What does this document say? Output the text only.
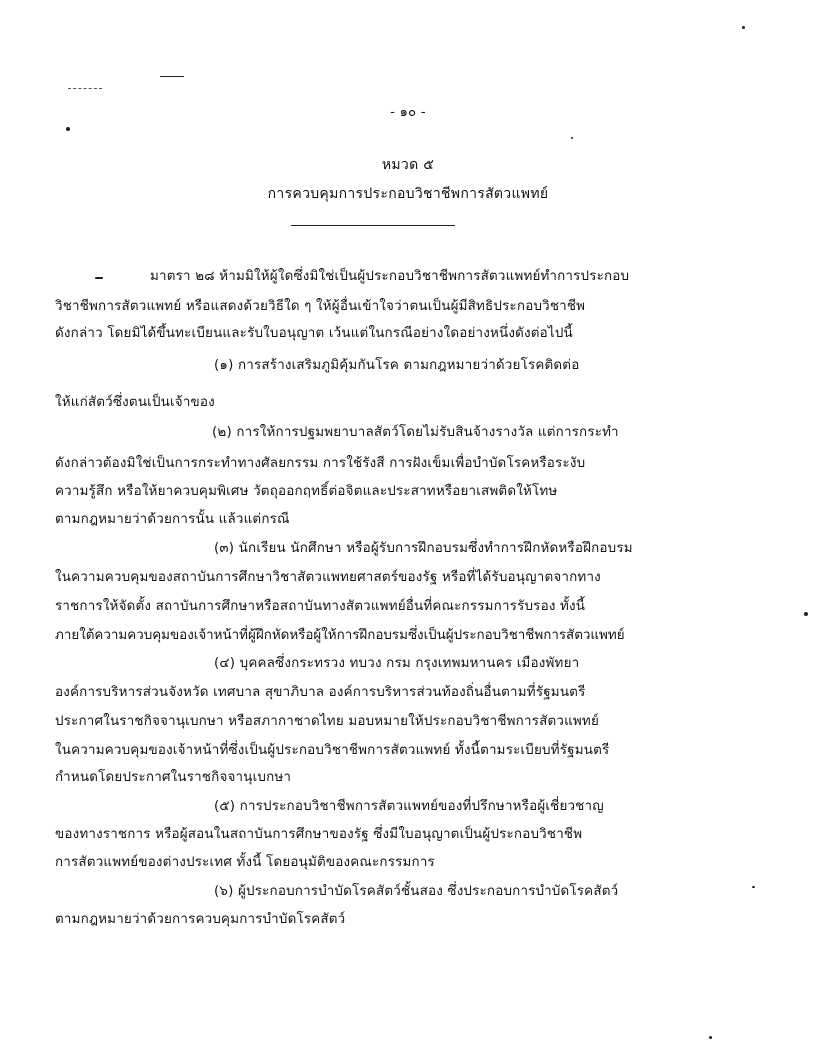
- ๑๐ -
หมวด ๕
การควบคุมการประกอบวิชาชีพการสัตวแพทย์
มาตรา ๒๘ ห้ามมิให้ผู้ใดซึ่งมิใช่เป็นผู้ประกอบวิชาชีพการสัตวแพทย์ทำการประกอบ
วิชาชีพการสัตวแพทย์ หรือแสดงด้วยวิธีใด ๆ ให้ผู้อื่นเข้าใจว่าตนเป็นผู้มีสิทธิประกอบวิชาชีพ
ดังกล่าว โดยมิได้ขึ้นทะเบียนและรับใบอนุญาต เว้นแต่ในกรณีอย่างใดอย่างหนึ่งดังต่อไปนี้
(๑) การสร้างเสริมภูมิคุ้มกันโรค ตามกฎหมายว่าด้วยโรคติดต่อ
ให้แก่สัตว์ซึ่งตนเป็นเจ้าของ
(๒) การให้การปฐมพยาบาลสัตว์โดยไม่รับสินจ้างรางวัล แต่การกระทำ
ดังกล่าวต้องมิใช่เป็นการกระทำทางศัลยกรรม การใช้รังสี การฝังเข็มเพื่อบำบัดโรคหรือระงับ
ความรู้สึก หรือให้ยาควบคุมพิเศษ วัตถุออกฤทธิ์ต่อจิตและประสาทหรือยาเสพติดให้โทษ
ตามกฎหมายว่าด้วยการนั้น แล้วแต่กรณี
(๓) นักเรียน นักศึกษา หรือผู้รับการฝึกอบรมซึ่งทำการฝึกหัดหรือฝึกอบรม
ในความควบคุมของสถาบันการศึกษาวิชาสัตวแพทยศาสตร์ของรัฐ หรือที่ได้รับอนุญาตจากทาง
ราชการให้จัดตั้ง สถาบันการศึกษาหรือสถาบันทางสัตวแพทย์อื่นที่คณะกรรมการรับรอง ทั้งนี้
ภายใต้ความควบคุมของเจ้าหน้าที่ผู้ฝึกหัดหรือผู้ให้การฝึกอบรมซึ่งเป็นผู้ประกอบวิชาชีพการสัตวแพทย์
(๔) บุคคลซึ่งกระทรวง ทบวง กรม กรุงเทพมหานคร เมืองพัทยา
องค์การบริหารส่วนจังหวัด เทศบาล สุขาภิบาล องค์การบริหารส่วนท้องถิ่นอื่นตามที่รัฐมนตรี
ประกาศในราชกิจจานุเบกษา หรือสภากาชาดไทย มอบหมายให้ประกอบวิชาชีพการสัตวแพทย์
ในความควบคุมของเจ้าหน้าที่ซึ่งเป็นผู้ประกอบวิชาชีพการสัตวแพทย์ ทั้งนี้ตามระเบียบที่รัฐมนตรี
กำหนดโดยประกาศในราชกิจจานุเบกษา
(๕) การประกอบวิชาชีพการสัตวแพทย์ของที่ปรึกษาหรือผู้เชี่ยวชาญ
ของทางราชการ หรือผู้สอนในสถาบันการศึกษาของรัฐ ซึ่งมีใบอนุญาตเป็นผู้ประกอบวิชาชีพ
การสัตวแพทย์ของต่างประเทศ ทั้งนี้ โดยอนุมัติของคณะกรรมการ
(๖) ผู้ประกอบการบำบัดโรคสัตว์ชั้นสอง ซึ่งประกอบการบำบัดโรคสัตว์
ตามกฎหมายว่าด้วยการควบคุมการบำบัดโรคสัตว์
